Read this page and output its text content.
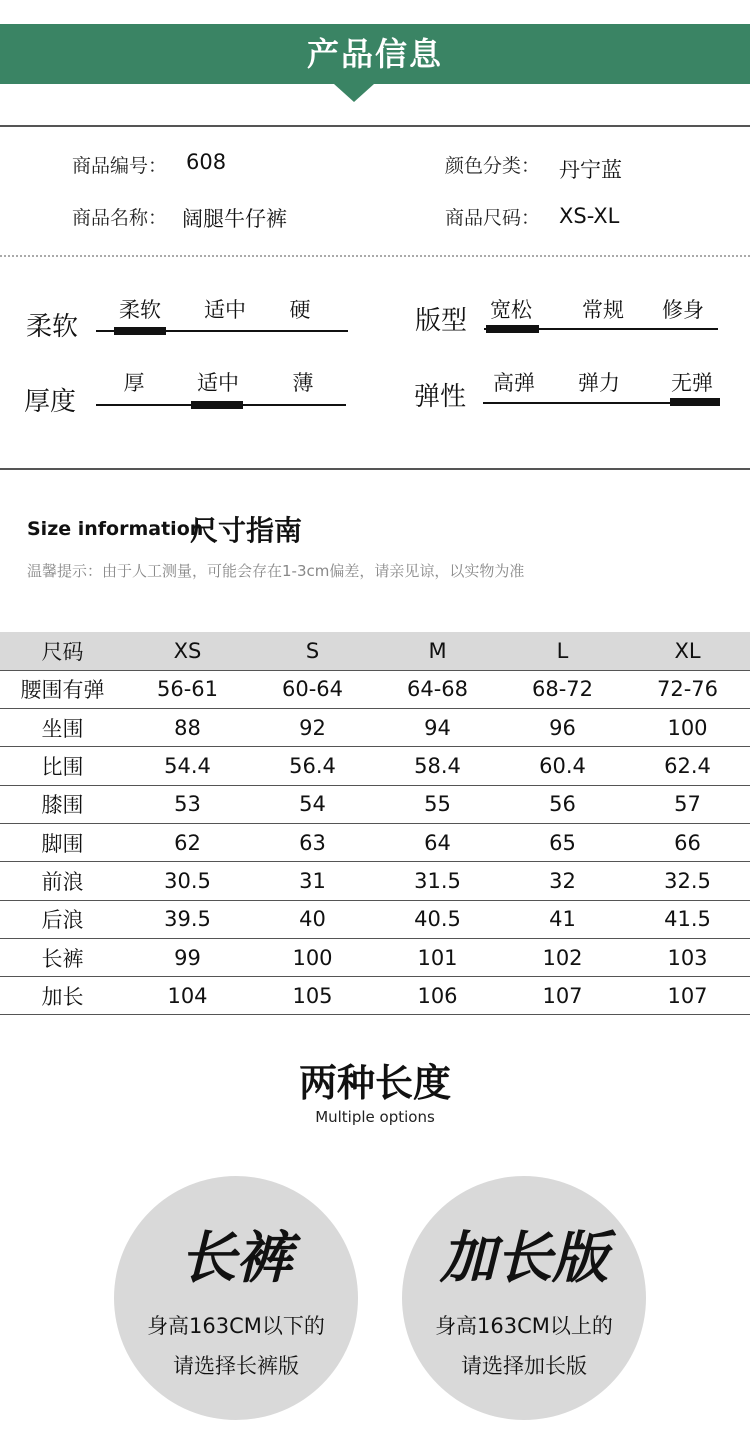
产品信息
商品编号： 608	颜色分类： 丹宁蓝
商品名称： 阔腿牛仔裤	商品尺码： XS-XL
柔软
柔软	适中	硬
厚度
厚	适中	薄
版型	宽松	常规	修身
弹性	高弹	弹力	无弹
Size information
尺寸指南
温馨提示：由于人工测量，可能会存在1-3cm偏差，请亲见谅，以实物为准
尺码	XS	S	M	L	XL
腰围有弹	56-61	60-64	64-68	68-72	72-76
坐围	88	92	94	96	100
比围	54.4	56.4	58.4	60.4	62.4
膝围	53	54	55	56	57
脚围	62	63	64	65	66
前浪	30.5	31	31.5	32	32.5
后浪	39.5	40	40.5	41	41.5
长裤	99	100	101	102	103
加长	104	105	106	107	107
两种长度
Multiple options
长裤
身高163CM以下的
请选择长裤版
加长版
身高163CM以上的
请选择加长版
